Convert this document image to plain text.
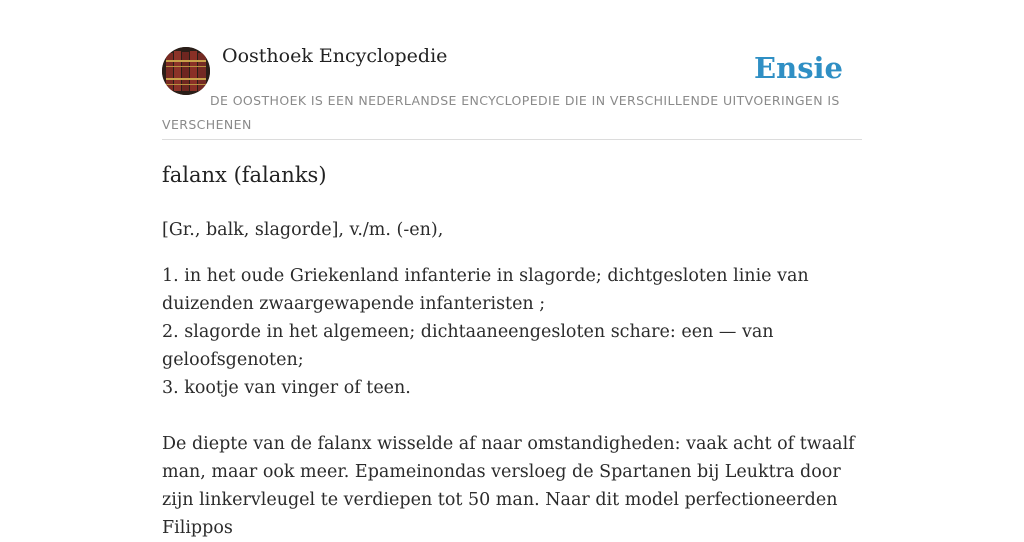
Oosthoek Encyclopedie	Ensie
DE OOSTHOEK IS EEN NEDERLANDSE ENCYCLOPEDIE DIE IN VERSCHILLENDE UITVOERINGEN IS VERSCHENEN
falanx (falanks)

[Gr., balk, slagorde], v./m. (-en),

1. in het oude Griekenland infanterie in slagorde; dichtgesloten linie van duizenden zwaargewapende infanteristen ;
2. slagorde in het algemeen; dichtaaneengesloten schare: een — van geloofsgenoten;
3. kootje van vinger of teen.

De diepte van de falanx wisselde af naar omstandigheden: vaak acht of twaalf man, maar ook meer. Epameinondas versloeg de Spartanen bij Leuktra door zijn linkervleugel te verdiepen tot 50 man. Naar dit model perfectioneerden Filippos
